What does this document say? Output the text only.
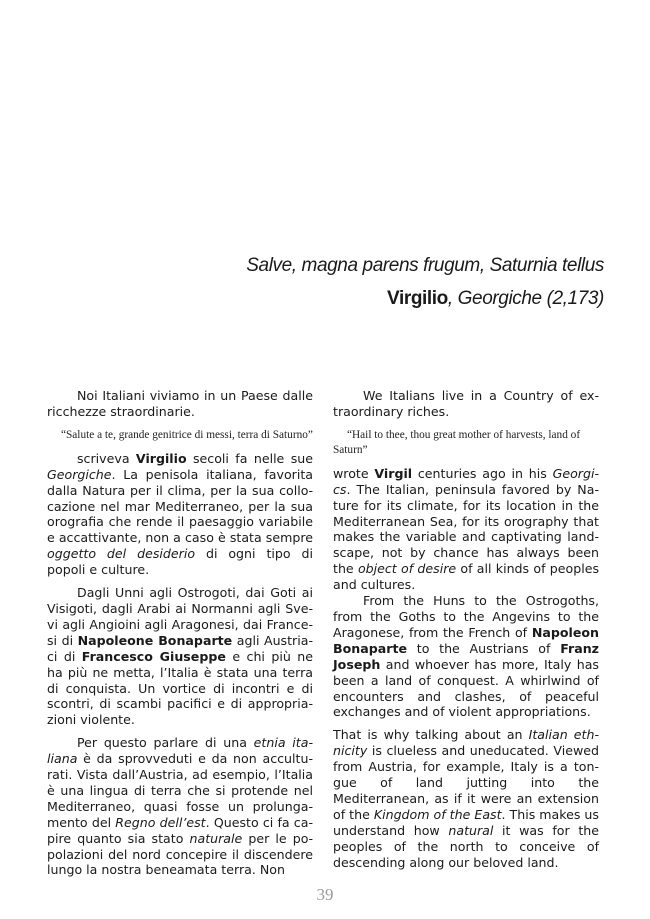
Salve, magna parens frugum, Saturnia tellus
Virgilio, Georgiche (2,173)

Noi Italiani viviamo in un Paese dalle ricchezze straordinarie.

“Salute a te, grande genitrice di messi, terra di Saturno”

scriveva Virgilio secoli fa nelle sue Georgiche. La penisola italiana, favorita dalla Natura per il clima, per la sua collocazione nel mar Mediterraneo, per la sua orografia che rende il paesaggio variabile e accattivante, non a caso è stata sempre oggetto del desiderio di ogni tipo di popoli e culture.

Dagli Unni agli Ostrogoti, dai Goti ai Visigoti, dagli Arabi ai Normanni agli Svevi agli Angioini agli Aragonesi, dai Francesi di Napoleone Bonaparte agli Austriaci di Francesco Giuseppe e chi più ne ha più ne metta, l’Italia è stata una terra di conquista. Un vortice di incontri e di scontri, di scambi pacifici e di appropriazioni violente.

Per questo parlare di una etnia italiana è da sprovveduti e da non acculturati. Vista dall’Austria, ad esempio, l’Italia è una lingua di terra che si protende nel Mediterraneo, quasi fosse un prolungamento del Regno dell’est. Questo ci fa capire quanto sia stato naturale per le popolazioni del nord concepire il discendere lungo la nostra beneamata terra. Non

We Italians live in a Country of extraordinary riches.

“Hail to thee, thou great mother of harvests, land of Saturn”

wrote Virgil centuries ago in his Georgics. The Italian, peninsula favored by Nature for its climate, for its location in the Mediterranean Sea, for its orography that makes the variable and captivating landscape, not by chance has always been the object of desire of all kinds of peoples and cultures.

From the Huns to the Ostrogoths, from the Goths to the Angevins to the Aragonese, from the French of Napoleon Bonaparte to the Austrians of Franz Joseph and whoever has more, Italy has been a land of conquest. A whirlwind of encounters and clashes, of peaceful exchanges and of violent appropriations.

That is why talking about an Italian ethnicity is clueless and uneducated. Viewed from Austria, for example, Italy is a tongue of land jutting into the Mediterranean, as if it were an extension of the Kingdom of the East. This makes us understand how natural it was for the peoples of the north to conceive of descending along our beloved land.

39
